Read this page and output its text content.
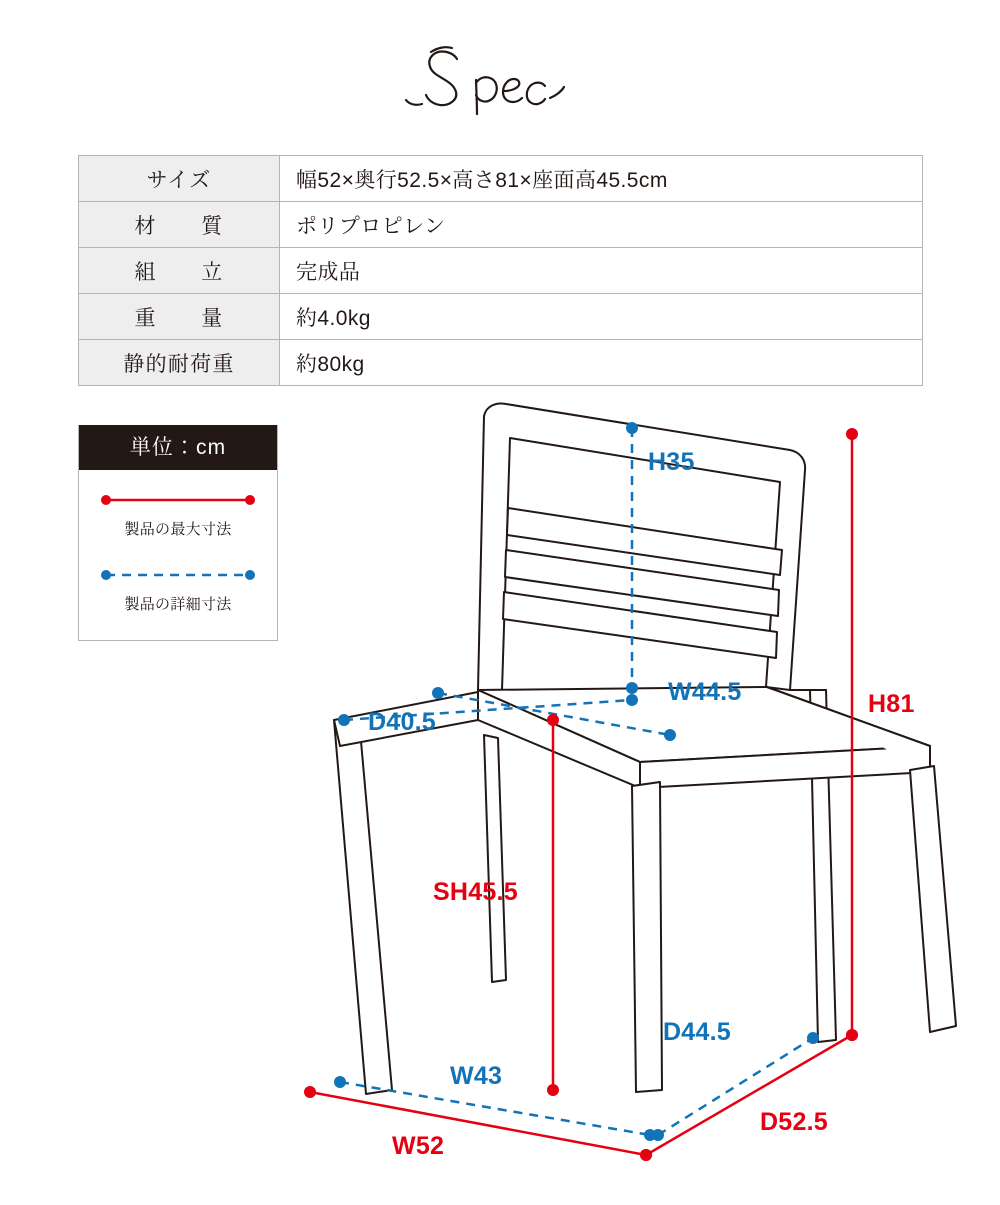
サイズ	幅52×奥行52.5×高さ81×座面高45.5cm
材　　質	ポリプロピレン
組　　立	完成品
重　　量	約4.0kg
静的耐荷重	約80kg
単位：cm
製品の最大寸法
製品の詳細寸法
H35
H81
W44.5
D40.5
SH45.5
D44.5
W43
W52
D52.5
